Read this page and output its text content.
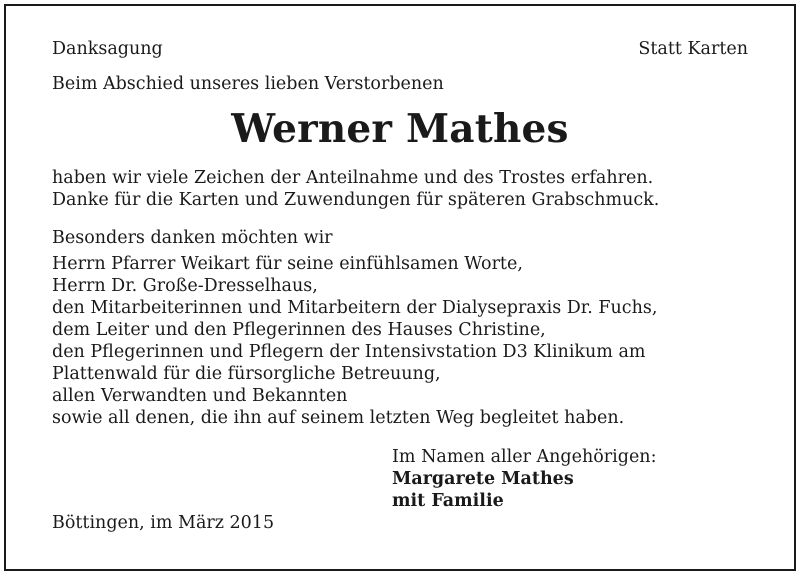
Danksagung	Statt Karten
Beim Abschied unseres lieben Verstorbenen
Werner Mathes
haben wir viele Zeichen der Anteilnahme und des Trostes erfahren.
Danke für die Karten und Zuwendungen für späteren Grabschmuck.
Besonders danken möchten wir
Herrn Pfarrer Weikart für seine einfühlsamen Worte,
Herrn Dr. Große-Dresselhaus,
den Mitarbeiterinnen und Mitarbeitern der Dialysepraxis Dr. Fuchs,
dem Leiter und den Pflegerinnen des Hauses Christine,
den Pflegerinnen und Pflegern der Intensivstation D3 Klinikum am
Plattenwald für die fürsorgliche Betreuung,
allen Verwandten und Bekannten
sowie all denen, die ihn auf seinem letzten Weg begleitet haben.
Im Namen aller Angehörigen:
Margarete Mathes
mit Familie
Böttingen, im März 2015
